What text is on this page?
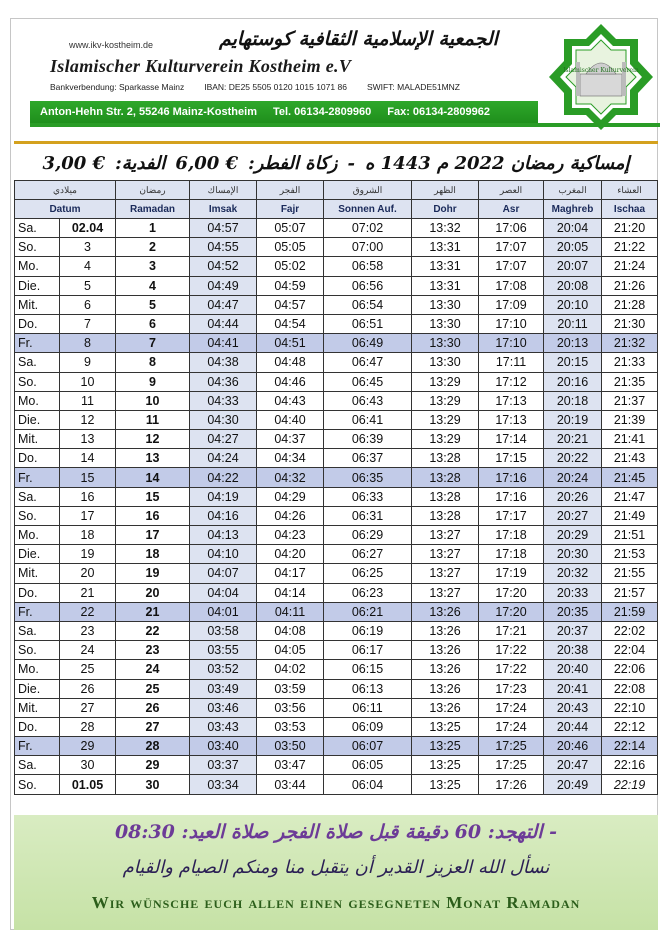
www.ikv-kostheim.de	الجمعية الإسلامية الثقافية كوستهايم
Islamischer Kulturverein Kostheim e.V
Bankverbendung: Sparkasse Mainz IBAN: DE25 5505 0120 1015 1071 86 SWIFT: MALADE51MNZ
Anton-Hehn Str. 2, 55246 Mainz-Kostheim Tel. 06134-2809960 Fax: 06134-2809962
Islamischer Kulturverein
إمساكية رمضان 2022 م 1443 ه
-
زكاة الفطر:
6,00 €
الفدية:
3,00 €
ميلادي		رمضان	الإمساك	الفجر	الشروق	الظهر	العصر	المغرب	العشاء
Datum		Ramadan	Imsak	Fajr	Sonnen Auf.	Dohr	Asr	Maghreb	Ischaa
Sa.	02.04	1	04:57	05:07	07:02	13:32	17:06	20:04	21:20
So.	3	2	04:55	05:05	07:00	13:31	17:07	20:05	21:22
Mo.	4	3	04:52	05:02	06:58	13:31	17:07	20:07	21:24
Die.	5	4	04:49	04:59	06:56	13:31	17:08	20:08	21:26
Mit.	6	5	04:47	04:57	06:54	13:30	17:09	20:10	21:28
Do.	7	6	04:44	04:54	06:51	13:30	17:10	20:11	21:30
Fr.	8	7	04:41	04:51	06:49	13:30	17:10	20:13	21:32
Sa.	9	8	04:38	04:48	06:47	13:30	17:11	20:15	21:33
So.	10	9	04:36	04:46	06:45	13:29	17:12	20:16	21:35
Mo.	11	10	04:33	04:43	06:43	13:29	17:13	20:18	21:37
Die.	12	11	04:30	04:40	06:41	13:29	17:13	20:19	21:39
Mit.	13	12	04:27	04:37	06:39	13:29	17:14	20:21	21:41
Do.	14	13	04:24	04:34	06:37	13:28	17:15	20:22	21:43
Fr.	15	14	04:22	04:32	06:35	13:28	17:16	20:24	21:45
Sa.	16	15	04:19	04:29	06:33	13:28	17:16	20:26	21:47
So.	17	16	04:16	04:26	06:31	13:28	17:17	20:27	21:49
Mo.	18	17	04:13	04:23	06:29	13:27	17:18	20:29	21:51
Die.	19	18	04:10	04:20	06:27	13:27	17:18	20:30	21:53
Mit.	20	19	04:07	04:17	06:25	13:27	17:19	20:32	21:55
Do.	21	20	04:04	04:14	06:23	13:27	17:20	20:33	21:57
Fr.	22	21	04:01	04:11	06:21	13:26	17:20	20:35	21:59
Sa.	23	22	03:58	04:08	06:19	13:26	17:21	20:37	22:02
So.	24	23	03:55	04:05	06:17	13:26	17:22	20:38	22:04
Mo.	25	24	03:52	04:02	06:15	13:26	17:22	20:40	22:06
Die.	26	25	03:49	03:59	06:13	13:26	17:23	20:41	22:08
Mit.	27	26	03:46	03:56	06:11	13:26	17:24	20:43	22:10
Do.	28	27	03:43	03:53	06:09	13:25	17:24	20:44	22:12
Fr.	29	28	03:40	03:50	06:07	13:25	17:25	20:46	22:14
Sa.	30	29	03:37	03:47	06:05	13:25	17:25	20:47	22:16
So.	01.05	30	03:34	03:44	06:04	13:25	17:26	20:49	22:19
- التهجد: 60 دقيقة قبل صلاة الفجر صلاة العيد: 08:30
نسأل الله العزيز القدير أن يتقبل منا ومنكم الصيام والقيام
Wir wünsche euch allen einen gesegneten Monat Ramadan
